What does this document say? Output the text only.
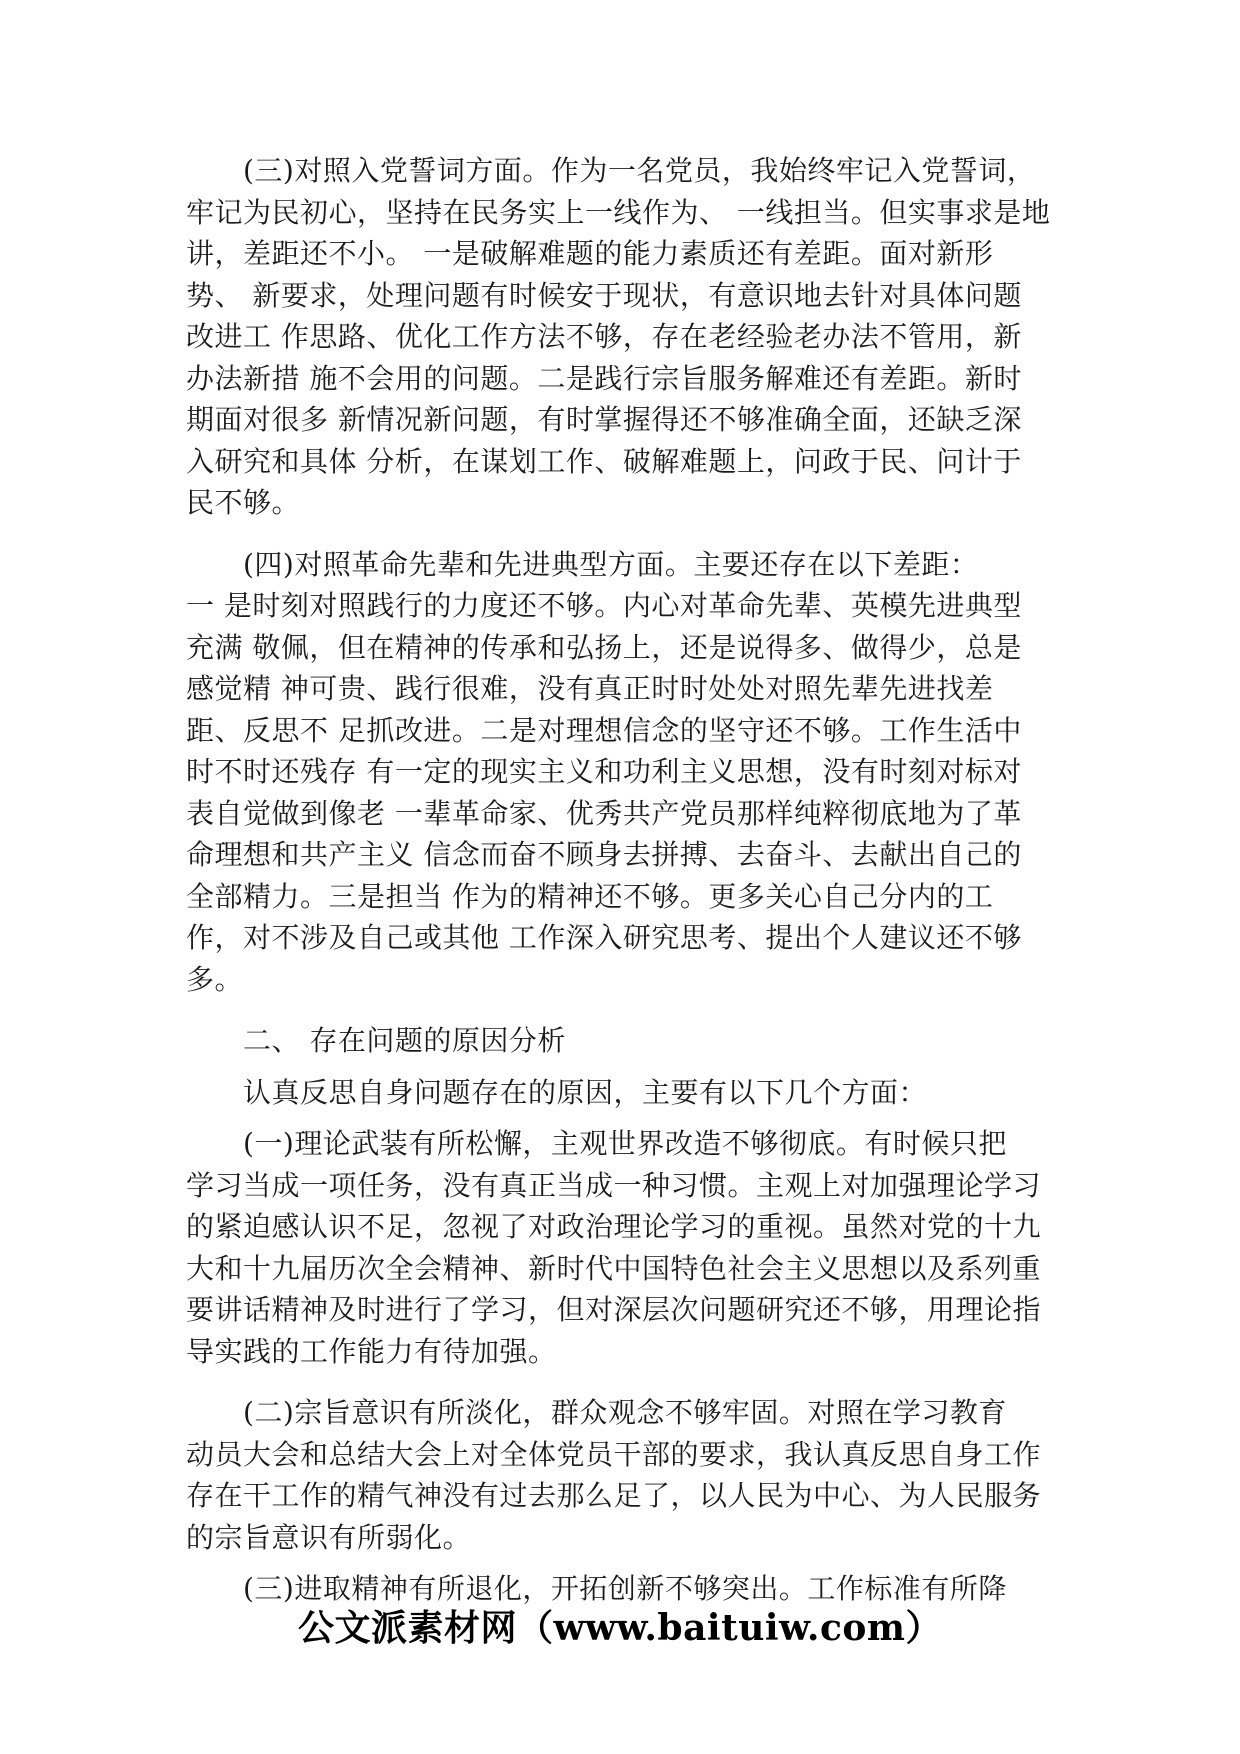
　　(三)对照入党誓词方面。作为一名党员，我始终牢记入党誓词，
牢记为民初心，坚持在民务实上一线作为、 一线担当。但实事求是地
讲，差距还不小。 一是破解难题的能力素质还有差距。面对新形
势、 新要求，处理问题有时候安于现状，有意识地去针对具体问题
改进工 作思路、优化工作方法不够，存在老经验老办法不管用，新
办法新措 施不会用的问题。二是践行宗旨服务解难还有差距。新时
期面对很多 新情况新问题，有时掌握得还不够准确全面，还缺乏深
入研究和具体 分析，在谋划工作、破解难题上，问政于民、问计于
民不够。

　　(四)对照革命先辈和先进典型方面。主要还存在以下差距：
一 是时刻对照践行的力度还不够。内心对革命先辈、英模先进典型
充满 敬佩，但在精神的传承和弘扬上，还是说得多、做得少，总是
感觉精 神可贵、践行很难，没有真正时时处处对照先辈先进找差
距、反思不 足抓改进。二是对理想信念的坚守还不够。工作生活中
时不时还残存 有一定的现实主义和功利主义思想，没有时刻对标对
表自觉做到像老 一辈革命家、优秀共产党员那样纯粹彻底地为了革
命理想和共产主义 信念而奋不顾身去拼搏、去奋斗、去献出自己的
全部精力。三是担当 作为的精神还不够。更多关心自己分内的工
作，对不涉及自己或其他 工作深入研究思考、提出个人建议还不够
多。

　　二、 存在问题的原因分析

　　认真反思自身问题存在的原因，主要有以下几个方面：

　　(一)理论武装有所松懈，主观世界改造不够彻底。有时候只把
学习当成一项任务，没有真正当成一种习惯。主观上对加强理论学习
的紧迫感认识不足，忽视了对政治理论学习的重视。虽然对党的十九
大和十九届历次全会精神、新时代中国特色社会主义思想以及系列重
要讲话精神及时进行了学习，但对深层次问题研究还不够，用理论指
导实践的工作能力有待加强。

　　(二)宗旨意识有所淡化，群众观念不够牢固。对照在学习教育
动员大会和总结大会上对全体党员干部的要求，我认真反思自身工作
存在干工作的精气神没有过去那么足了，以人民为中心、为人民服务
的宗旨意识有所弱化。

　　(三)进取精神有所退化，开拓创新不够突出。工作标准有所降

公文派素材网（www.baituiw.com）
